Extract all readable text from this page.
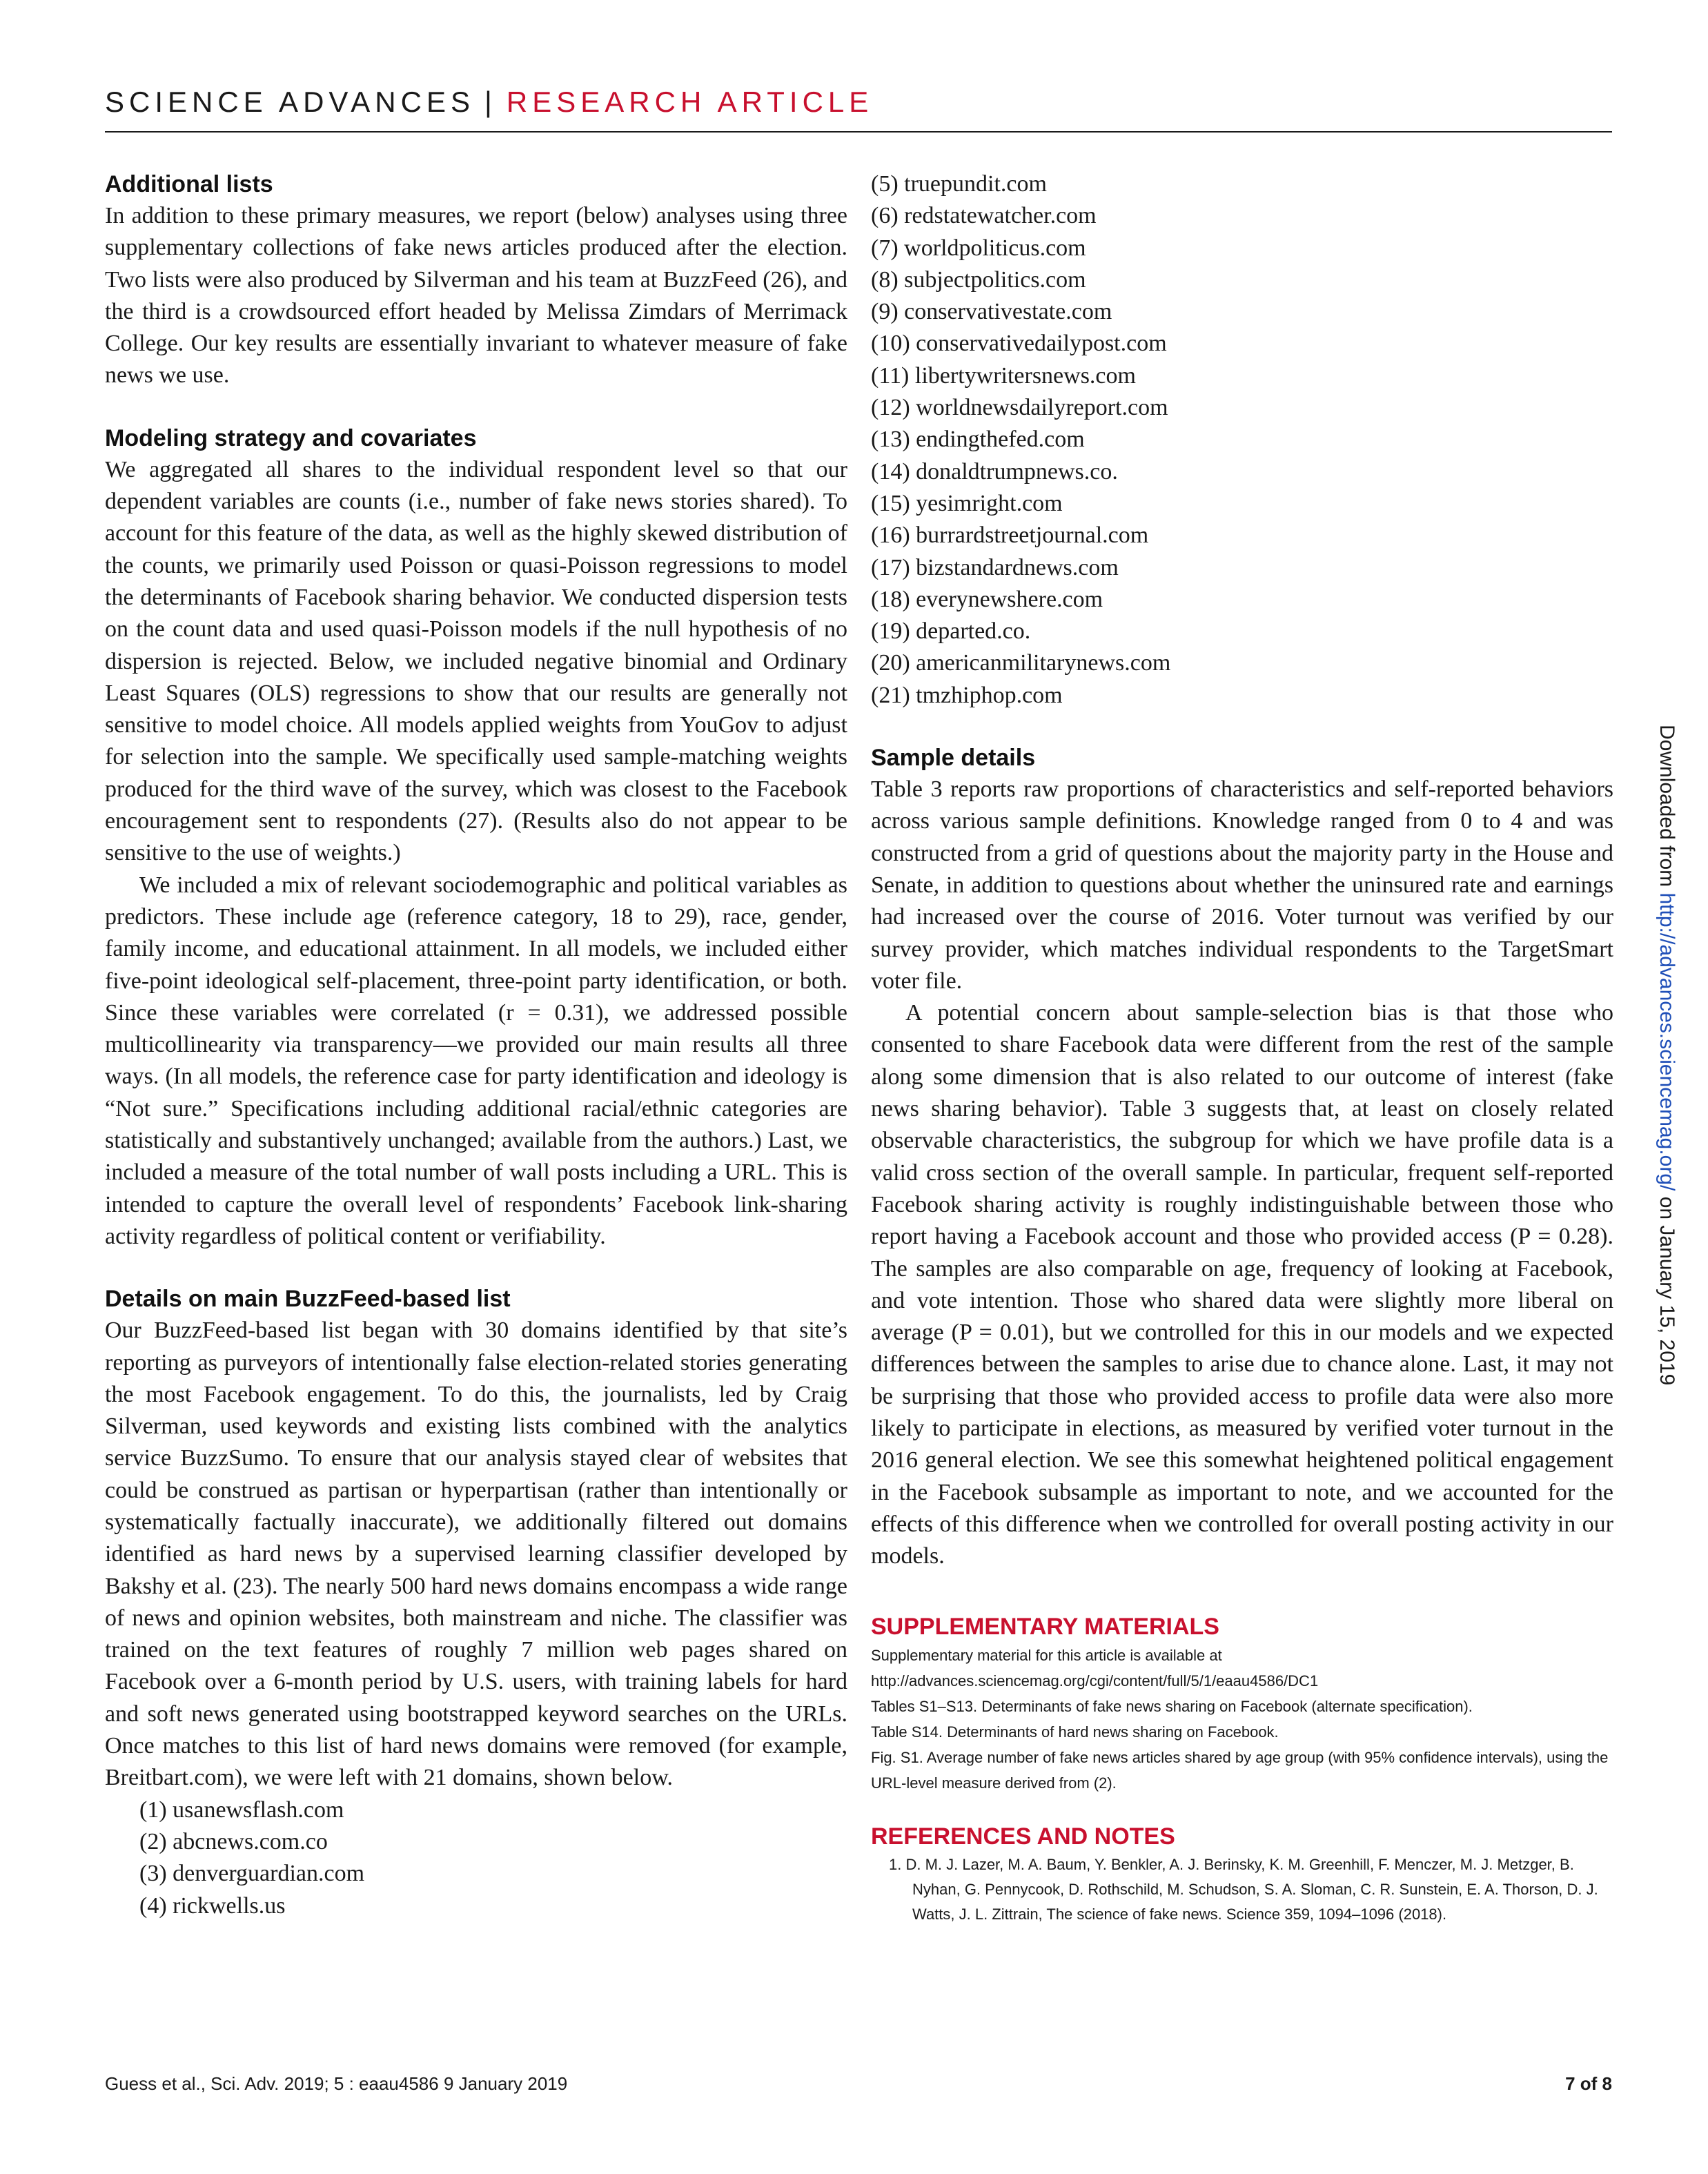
SCIENCE ADVANCES | RESEARCH ARTICLE
Additional lists

In addition to these primary measures, we report (below) analyses using three supplementary collections of fake news articles produced after the election. Two lists were also produced by Silverman and his team at BuzzFeed (26), and the third is a crowdsourced effort headed by Melissa Zimdars of Merrimack College. Our key results are essentially invariant to whatever measure of fake news we use.

Modeling strategy and covariates

We aggregated all shares to the individual respondent level so that our dependent variables are counts (i.e., number of fake news stories shared). To account for this feature of the data, as well as the highly skewed distribution of the counts, we primarily used Poisson or quasi-Poisson regressions to model the determinants of Facebook sharing behavior. We conducted dispersion tests on the count data and used quasi-Poisson models if the null hypothesis of no dispersion is rejected. Below, we included negative binomial and Ordinary Least Squares (OLS) regressions to show that our results are generally not sensitive to model choice. All models applied weights from YouGov to adjust for selection into the sample. We specifically used sample-matching weights produced for the third wave of the survey, which was closest to the Facebook encouragement sent to respondents (27). (Results also do not appear to be sensitive to the use of weights.)

We included a mix of relevant sociodemographic and political variables as predictors. These include age (reference category, 18 to 29), race, gender, family income, and educational attainment. In all models, we included either five-point ideological self-placement, three-point party identification, or both. Since these variables were correlated (r = 0.31), we addressed possible multicollinearity via transparency—we provided our main results all three ways. (In all models, the reference case for party identification and ideology is “Not sure.” Specifications including additional racial/ethnic categories are statistically and substantively unchanged; available from the authors.) Last, we included a measure of the total number of wall posts including a URL. This is intended to capture the overall level of respondents’ Facebook link-sharing activity regardless of political content or verifiability.

Details on main BuzzFeed-based list

Our BuzzFeed-based list began with 30 domains identified by that site’s reporting as purveyors of intentionally false election-related stories generating the most Facebook engagement. To do this, the journalists, led by Craig Silverman, used keywords and existing lists combined with the analytics service BuzzSumo. To ensure that our analysis stayed clear of websites that could be construed as partisan or hyperpartisan (rather than intentionally or systematically factually inaccurate), we additionally filtered out domains identified as hard news by a supervised learning classifier developed by Bakshy et al. (23). The nearly 500 hard news domains encompass a wide range of news and opinion websites, both mainstream and niche. The classifier was trained on the text features of roughly 7 million web pages shared on Facebook over a 6-month period by U.S. users, with training labels for hard and soft news generated using bootstrapped keyword searches on the URLs. Once matches to this list of hard news domains were removed (for example, Breitbart.com), we were left with 21 domains, shown below.

(1) usanewsflash.com
(2) abcnews.com.co
(3) denverguardian.com
(4) rickwells.us
(5) truepundit.com
(6) redstatewatcher.com
(7) worldpoliticus.com
(8) subjectpolitics.com
(9) conservativestate.com
(10) conservativedailypost.com
(11) libertywritersnews.com
(12) worldnewsdailyreport.com
(13) endingthefed.com
(14) donaldtrumpnews.co.
(15) yesimright.com
(16) burrardstreetjournal.com
(17) bizstandardnews.com
(18) everynewshere.com
(19) departed.co.
(20) americanmilitarynews.com
(21) tmzhiphop.com
Sample details

Table 3 reports raw proportions of characteristics and self-reported behaviors across various sample definitions. Knowledge ranged from 0 to 4 and was constructed from a grid of questions about the majority party in the House and Senate, in addition to questions about whether the uninsured rate and earnings had increased over the course of 2016. Voter turnout was verified by our survey provider, which matches individual respondents to the TargetSmart voter file.

A potential concern about sample-selection bias is that those who consented to share Facebook data were different from the rest of the sample along some dimension that is also related to our outcome of interest (fake news sharing behavior). Table 3 suggests that, at least on closely related observable characteristics, the subgroup for which we have profile data is a valid cross section of the overall sample. In particular, frequent self-reported Facebook sharing activity is roughly indistinguishable between those who report having a Facebook account and those who provided access (P = 0.28). The samples are also comparable on age, frequency of looking at Facebook, and vote intention. Those who shared data were slightly more liberal on average (P = 0.01), but we controlled for this in our models and we expected differences between the samples to arise due to chance alone. Last, it may not be surprising that those who provided access to profile data were also more likely to participate in elections, as measured by verified voter turnout in the 2016 general election. We see this somewhat heightened political engagement in the Facebook subsample as important to note, and we accounted for the effects of this difference when we controlled for overall posting activity in our models.

SUPPLEMENTARY MATERIALS
Supplementary material for this article is available at http://advances.sciencemag.org/cgi/content/full/5/1/eaau4586/DC1
Tables S1–S13. Determinants of fake news sharing on Facebook (alternate specification).
Table S14. Determinants of hard news sharing on Facebook.
Fig. S1. Average number of fake news articles shared by age group (with 95% confidence intervals), using the URL-level measure derived from (2).
REFERENCES AND NOTES
1. D. M. J. Lazer, M. A. Baum, Y. Benkler, A. J. Berinsky, K. M. Greenhill, F. Menczer, M. J. Metzger, B. Nyhan, G. Pennycook, D. Rothschild, M. Schudson, S. A. Sloman, C. R. Sunstein, E. A. Thorson, D. J. Watts, J. L. Zittrain, The science of fake news. Science 359, 1094–1096 (2018).
Downloaded from http://advances.sciencemag.org/ on January 15, 2019
Guess et al., Sci. Adv. 2019; 5 : eaau4586 9 January 2019	7 of 8
